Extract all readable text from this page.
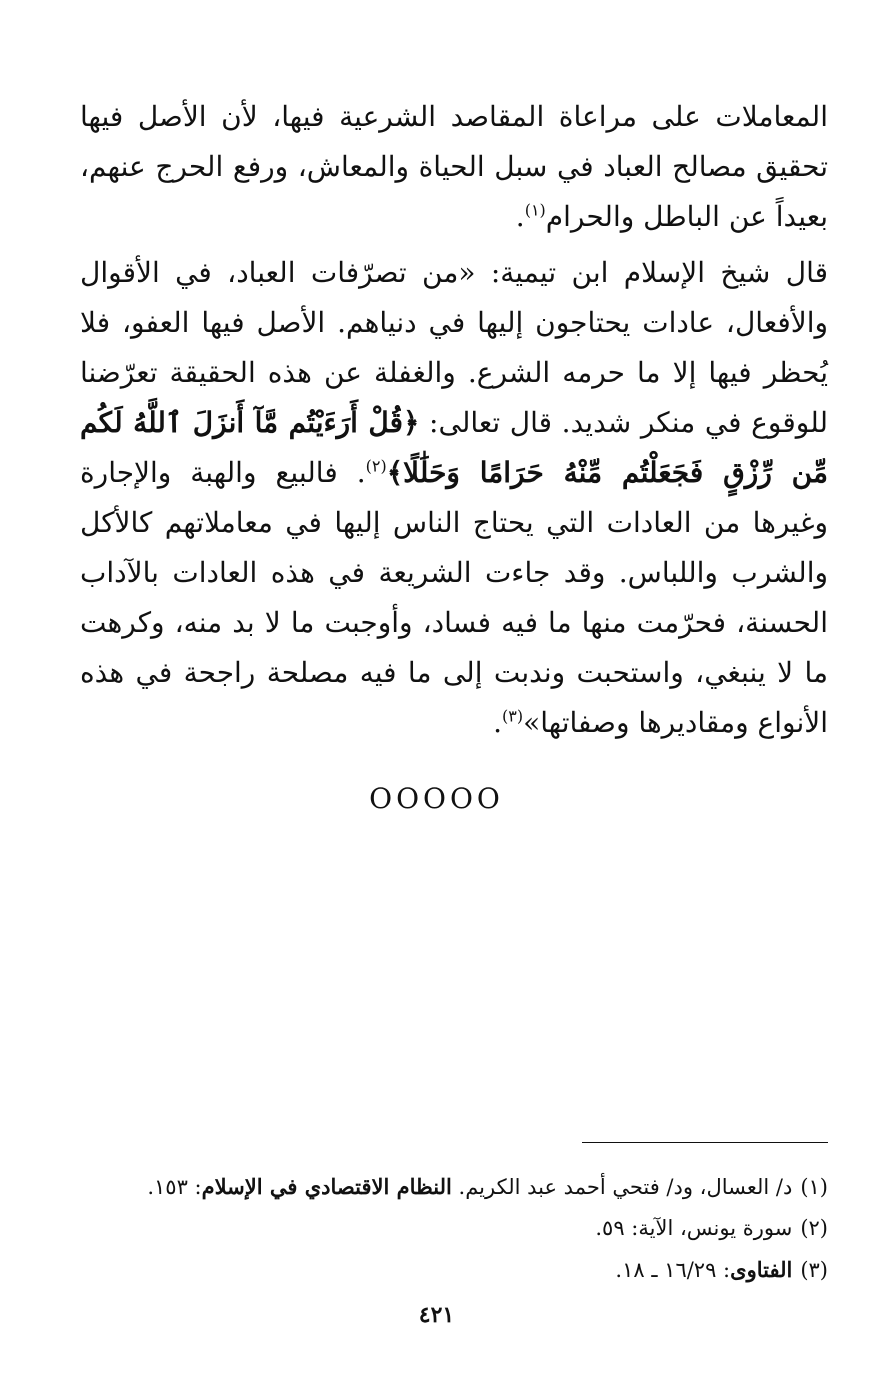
المعاملات على مراعاة المقاصد الشرعية فيها، لأن الأصل فيها
تحقيق مصالح العباد في سبل الحياة والمعاش، ورفع الحرج عنهم،
بعيداً عن الباطل والحرام$^{(١)}$.
قال شيخ الإسلام ابن تيمية: «من تصرّفات العباد، في الأقوال
والأفعال، عادات يحتاجون إليها في دنياهم. الأصل فيها العفو، فلا
يُحظر فيها إلا ما حرمه الشرع. والغفلة عن هذه الحقيقة تعرّضنا
للوقوع في منكر شديد. قال تعالى: ﴿قُلْ أَرَءَيْتُم مَّآ أَنزَلَ ٱللَّهُ لَكُم
مِّن رِّزْقٍ فَجَعَلْتُم مِّنْهُ حَرَامًا وَحَلَٰلًا﴾$^{(٢)}$. فالبيع والهبة والإجارة
وغيرها من العادات التي يحتاج الناس إليها في معاملاتهم كالأكل
والشرب واللباس. وقد جاءت الشريعة في هذه العادات بالآداب
الحسنة، فحرّمت منها ما فيه فساد، وأوجبت ما لا بد منه، وكرهت
ما لا ينبغي، واستحبت وندبت إلى ما فيه مصلحة راجحة في هذه
الأنواع ومقاديرها وصفاتها»$^{(٣)}$.
OOOOO
(١)د/ العسال، ود/ فتحي أحمد عبد الكريم. النظام الاقتصادي في الإسلام: ١٥٣.
(٢)سورة يونس، الآية: ٥٩.
(٣)الفتاوى: ١٦/٢٩ ـ ١٨.
٤٢١
